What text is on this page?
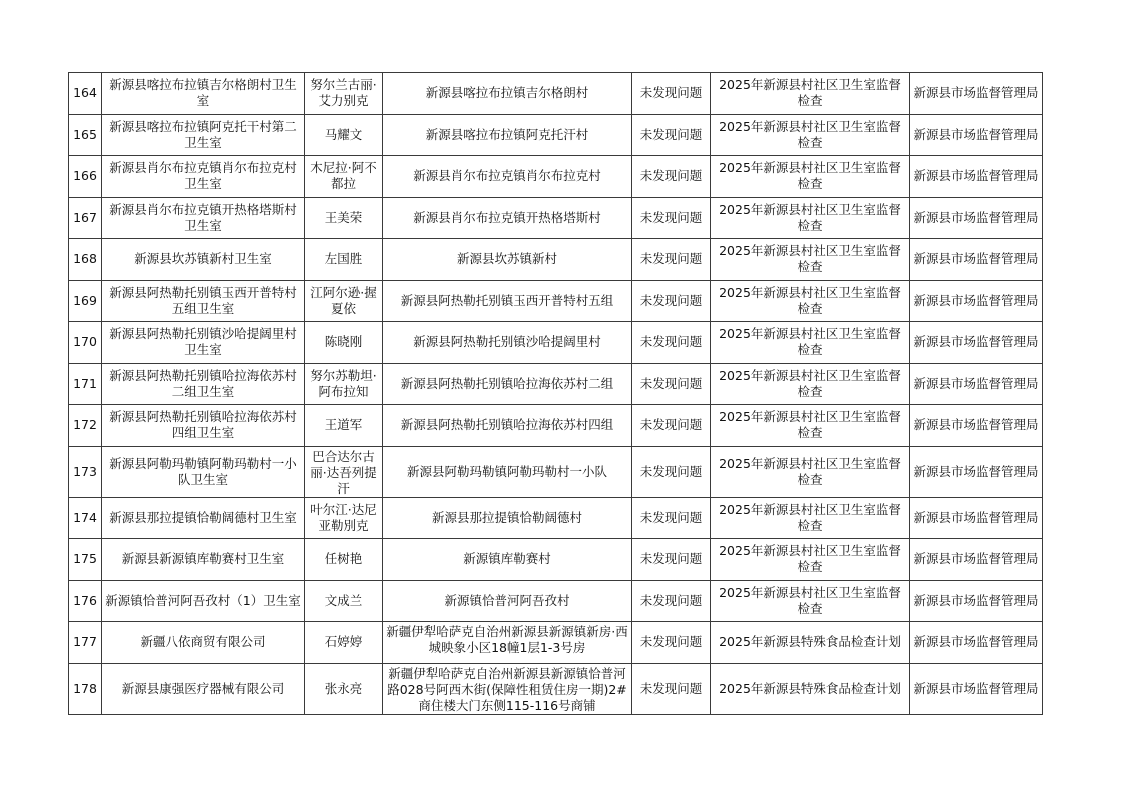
164	新源县喀拉布拉镇吉尔格朗村卫生室	努尔兰古丽·艾力别克	新源县喀拉布拉镇吉尔格朗村	未发现问题	2025年新源县村社区卫生室监督检查	新源县市场监督管理局
165	新源县喀拉布拉镇阿克托干村第二卫生室	马耀文	新源县喀拉布拉镇阿克托汗村	未发现问题	2025年新源县村社区卫生室监督检查	新源县市场监督管理局
166	新源县肖尔布拉克镇肖尔布拉克村卫生室	木尼拉·阿不都拉	新源县肖尔布拉克镇肖尔布拉克村	未发现问题	2025年新源县村社区卫生室监督检查	新源县市场监督管理局
167	新源县肖尔布拉克镇开热格塔斯村卫生室	王美荣	新源县肖尔布拉克镇开热格塔斯村	未发现问题	2025年新源县村社区卫生室监督检查	新源县市场监督管理局
168	新源县坎苏镇新村卫生室	左国胜	新源县坎苏镇新村	未发现问题	2025年新源县村社区卫生室监督检查	新源县市场监督管理局
169	新源县阿热勒托别镇玉西开普特村五组卫生室	江阿尔逊·握夏依	新源县阿热勒托别镇玉西开普特村五组	未发现问题	2025年新源县村社区卫生室监督检查	新源县市场监督管理局
170	新源县阿热勒托别镇沙哈提阔里村卫生室	陈晓刚	新源县阿热勒托别镇沙哈提阔里村	未发现问题	2025年新源县村社区卫生室监督检查	新源县市场监督管理局
171	新源县阿热勒托别镇哈拉海依苏村二组卫生室	努尔苏勒坦·阿布拉知	新源县阿热勒托别镇哈拉海依苏村二组	未发现问题	2025年新源县村社区卫生室监督检查	新源县市场监督管理局
172	新源县阿热勒托别镇哈拉海依苏村四组卫生室	王道军	新源县阿热勒托别镇哈拉海依苏村四组	未发现问题	2025年新源县村社区卫生室监督检查	新源县市场监督管理局
173	新源县阿勒玛勒镇阿勒玛勒村一小队卫生室	巴合达尔古丽·达吾列提汗	新源县阿勒玛勒镇阿勒玛勒村一小队	未发现问题	2025年新源县村社区卫生室监督检查	新源县市场监督管理局
174	新源县那拉提镇恰勒阔德村卫生室	叶尔江·达尼亚勒別克	新源县那拉提镇恰勒阔德村	未发现问题	2025年新源县村社区卫生室监督检查	新源县市场监督管理局
175	新源县新源镇库勒赛村卫生室	任树艳	新源镇库勒赛村	未发现问题	2025年新源县村社区卫生室监督检查	新源县市场监督管理局
176	新源镇恰普河阿吾孜村（1）卫生室	文成兰	新源镇恰普河阿吾孜村	未发现问题	2025年新源县村社区卫生室监督检查	新源县市场监督管理局
177	新疆八依商贸有限公司	石婷婷	新疆伊犁哈萨克自治州新源县新源镇新房·西城映象小区18幢1层1-3号房	未发现问题	2025年新源县特殊食品检查计划	新源县市场监督管理局
178	新源县康强医疗器械有限公司	张永亮	新疆伊犁哈萨克自治州新源县新源镇恰普河路028号阿西木街(保障性租赁住房一期)2#商住楼大门东侧115-116号商铺	未发现问题	2025年新源县特殊食品检查计划	新源县市场监督管理局
